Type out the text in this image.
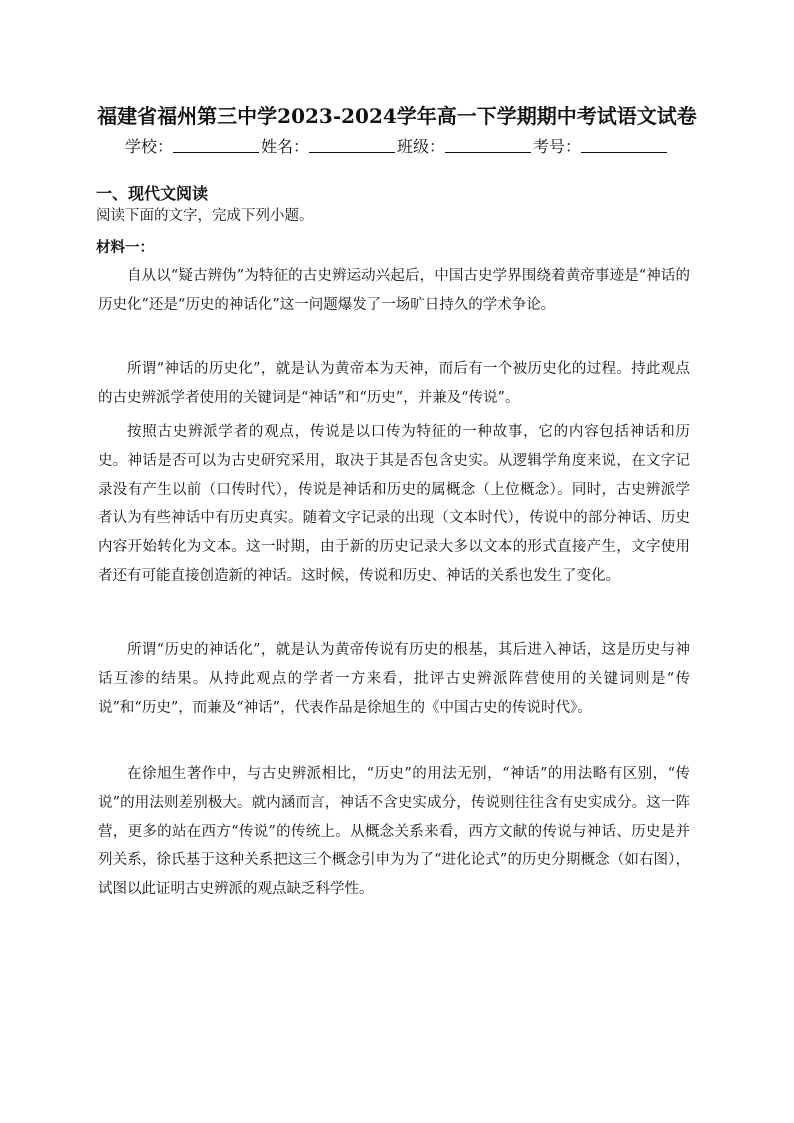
福建省福州第三中学2023-2024学年高一下学期期中考试语文试卷
学校：	姓名：	班级：	考号：
一、现代文阅读
阅读下面的文字，完成下列小题。
材料一：

自从以“疑古辨伪”为特征的古史辨运动兴起后，中国古史学界围绕着黄帝事迹是“神话的历史化”还是“历史的神话化”这一问题爆发了一场旷日持久的学术争论。

所谓“神话的历史化”，就是认为黄帝本为天神，而后有一个被历史化的过程。持此观点的古史辨派学者使用的关键词是“神话”和“历史”，并兼及“传说”。

按照古史辨派学者的观点，传说是以口传为特征的一种故事，它的内容包括神话和历史。神话是否可以为古史研究采用，取决于其是否包含史实。从逻辑学角度来说，在文字记录没有产生以前（口传时代），传说是神话和历史的属概念（上位概念）。同时，古史辨派学者认为有些神话中有历史真实。随着文字记录的出现（文本时代），传说中的部分神话、历史内容开始转化为文本。这一时期，由于新的历史记录大多以文本的形式直接产生，文字使用者还有可能直接创造新的神话。这时候，传说和历史、神话的关系也发生了变化。

所谓“历史的神话化”，就是认为黄帝传说有历史的根基，其后进入神话，这是历史与神话互渗的结果。从持此观点的学者一方来看，批评古史辨派阵营使用的关键词则是“传说”和“历史”，而兼及“神话”，代表作品是徐旭生的《中国古史的传说时代》。

在徐旭生著作中，与古史辨派相比，“历史”的用法无别，“神话”的用法略有区别，“传说”的用法则差别极大。就内涵而言，神话不含史实成分，传说则往往含有史实成分。这一阵营，更多的站在西方“传说”的传统上。从概念关系来看，西方文献的传说与神话、历史是并列关系，徐氏基于这种关系把这三个概念引申为为了“进化论式”的历史分期概念（如右图），试图以此证明古史辨派的观点缺乏科学性。
